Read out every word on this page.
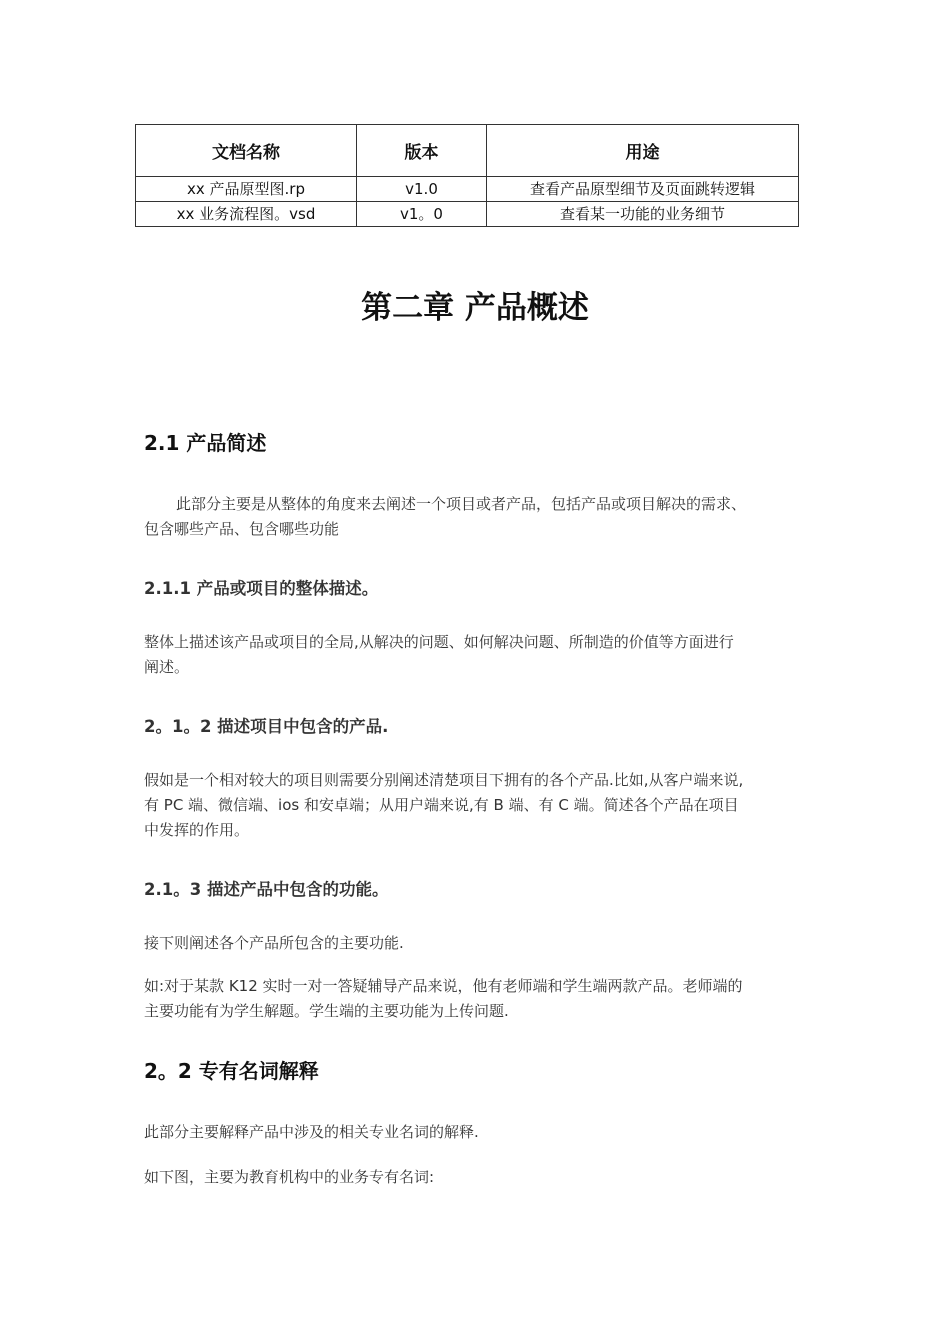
文档名称	版本	用途
xx 产品原型图.rp	v1.0	查看产品原型细节及页面跳转逻辑
xx 业务流程图。vsd	v1。0	查看某一功能的业务细节
第二章 产品概述
2.1 产品简述
此部分主要是从整体的角度来去阐述一个项目或者产品，包括产品或项目解决的需求、
包含哪些产品、包含哪些功能
2.1.1 产品或项目的整体描述。
整体上描述该产品或项目的全局,从解决的问题、如何解决问题、所制造的价值等方面进行
阐述。
2。1。2 描述项目中包含的产品.
假如是一个相对较大的项目则需要分别阐述清楚项目下拥有的各个产品.比如,从客户端来说,
有 PC 端、微信端、ios 和安卓端；从用户端来说,有 B 端、有 C 端。简述各个产品在项目
中发挥的作用。
2.1。3 描述产品中包含的功能。
接下则阐述各个产品所包含的主要功能.
如:对于某款 K12 实时一对一答疑辅导产品来说，他有老师端和学生端两款产品。老师端的
主要功能有为学生解题。学生端的主要功能为上传问题.
2。2 专有名词解释
此部分主要解释产品中涉及的相关专业名词的解释.
如下图，主要为教育机构中的业务专有名词:
